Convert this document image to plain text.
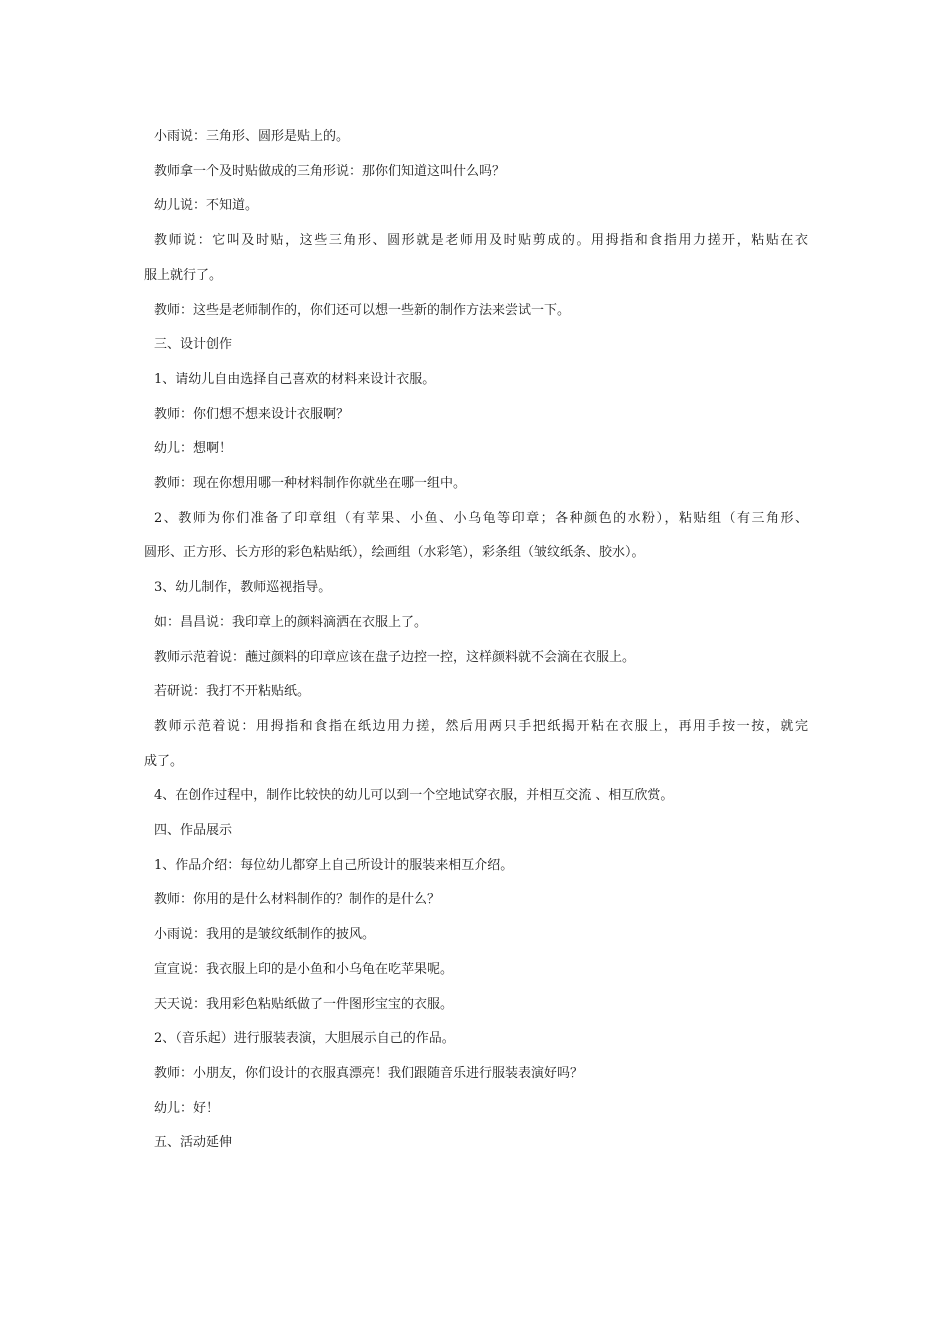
小雨说：三角形、圆形是贴上的。

教师拿一个及时贴做成的三角形说：那你们知道这叫什么吗？

幼儿说：不知道。

教师说：它叫及时贴，这些三角形、圆形就是老师用及时贴剪成的。用拇指和食指用力搓开，粘贴在衣

服上就行了。

教师：这些是老师制作的，你们还可以想一些新的制作方法来尝试一下。

三、设计创作

1、请幼儿自由选择自己喜欢的材料来设计衣服。

教师：你们想不想来设计衣服啊？

幼儿：想啊！

教师：现在你想用哪一种材料制作你就坐在哪一组中。

2、教师为你们准备了印章组（有苹果、小鱼、小乌龟等印章；各种颜色的水粉），粘贴组（有三角形、

圆形、正方形、长方形的彩色粘贴纸），绘画组（水彩笔），彩条组（皱纹纸条、胶水）。

3、幼儿制作，教师巡视指导。

如：昌昌说：我印章上的颜料滴洒在衣服上了。

教师示范着说：蘸过颜料的印章应该在盘子边控一控，这样颜料就不会滴在衣服上。

若研说：我打不开粘贴纸。

教师示范着说：用拇指和食指在纸边用力搓，然后用两只手把纸揭开粘在衣服上，再用手按一按，就完

成了。

4、在创作过程中，制作比较快的幼儿可以到一个空地试穿衣服，并相互交流 、相互欣赏。

四、作品展示

1、作品介绍：每位幼儿都穿上自己所设计的服装来相互介绍。

教师：你用的是什么材料制作的？制作的是什么？

小雨说：我用的是皱纹纸制作的披风。

宣宣说：我衣服上印的是小鱼和小乌龟在吃苹果呢。

天天说：我用彩色粘贴纸做了一件图形宝宝的衣服。

2、（音乐起）进行服装表演，大胆展示自己的作品。

教师：小朋友，你们设计的衣服真漂亮！我们跟随音乐进行服装表演好吗？

幼儿：好！

五、活动延伸
